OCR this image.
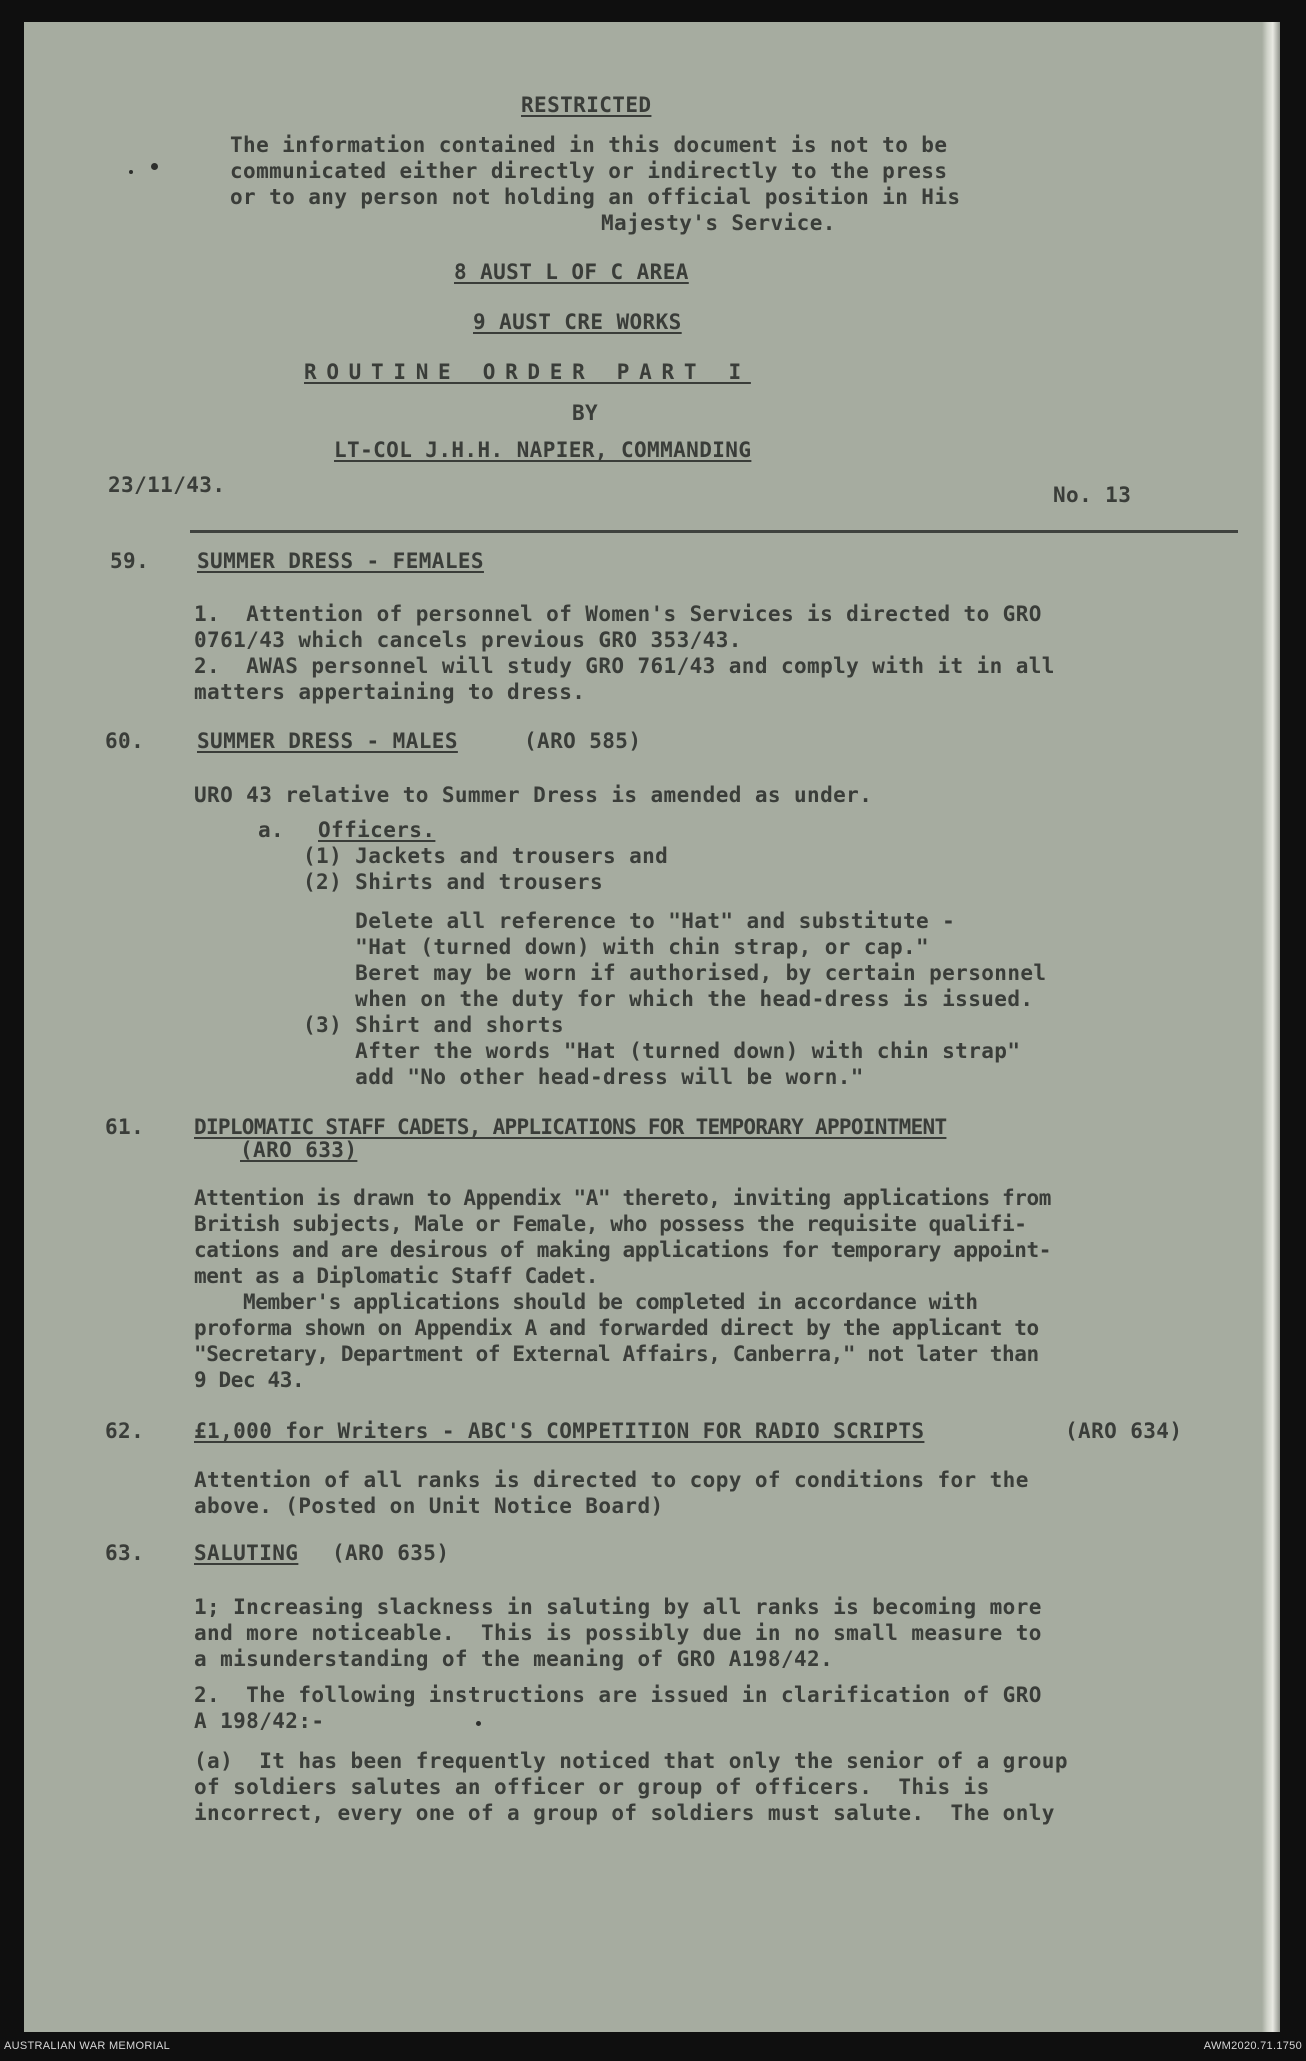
RESTRICTED

The information contained in this document is not to be

communicated either directly or indirectly to the press

or to any person not holding an official position in His

Majesty's Service.

8 AUST L OF C AREA

9 AUST CRE WORKS

ROUTINE ORDER PART I

BY

LT-COL J.H.H. NAPIER, COMMANDING

23/11/43.	No. 13

59. SUMMER DRESS - FEMALES

1.  Attention of personnel of Women's Services is directed to GRO

0761/43 which cancels previous GRO 353/43.

2.  AWAS personnel will study GRO 761/43 and comply with it in all

matters appertaining to dress.

60.	SUMMER DRESS - MALES	(ARO 585)

URO 43 relative to Summer Dress is amended as under.

a. Officers.

(1) Jackets and trousers and

(2) Shirts and trousers

Delete all reference to "Hat" and substitute -

"Hat (turned down) with chin strap, or cap."

Beret may be worn if authorised, by certain personnel

when on the duty for which the head-dress is issued.

(3) Shirt and shorts

After the words "Hat (turned down) with chin strap"

add "No other head-dress will be worn."

61. DIPLOMATIC STAFF CADETS, APPLICATIONS FOR TEMPORARY APPOINTMENT

(ARO 633)

Attention is drawn to Appendix "A" thereto, inviting applications from

British subjects, Male or Female, who possess the requisite qualifi-

cations and are desirous of making applications for temporary appoint-

ment as a Diplomatic Staff Cadet.

Member's applications should be completed in accordance with

proforma shown on Appendix A and forwarded direct by the applicant to

"Secretary, Department of External Affairs, Canberra," not later than

9 Dec 43.

62. £1,000 for Writers - ABC'S COMPETITION FOR RADIO SCRIPTS	(ARO 634)

Attention of all ranks is directed to copy of conditions for the

above. (Posted on Unit Notice Board)

63. SALUTING (ARO 635)

1; Increasing slackness in saluting by all ranks is becoming more

and more noticeable.  This is possibly due in no small measure to

a misunderstanding of the meaning of GRO A198/42.

2.  The following instructions are issued in clarification of GRO

A 198/42:-

(a)  It has been frequently noticed that only the senior of a group

of soldiers salutes an officer or group of officers.  This is

incorrect, every one of a group of soldiers must salute.  The only

AUSTRALIAN WAR MEMORIAL	AWM2020.71.1750
